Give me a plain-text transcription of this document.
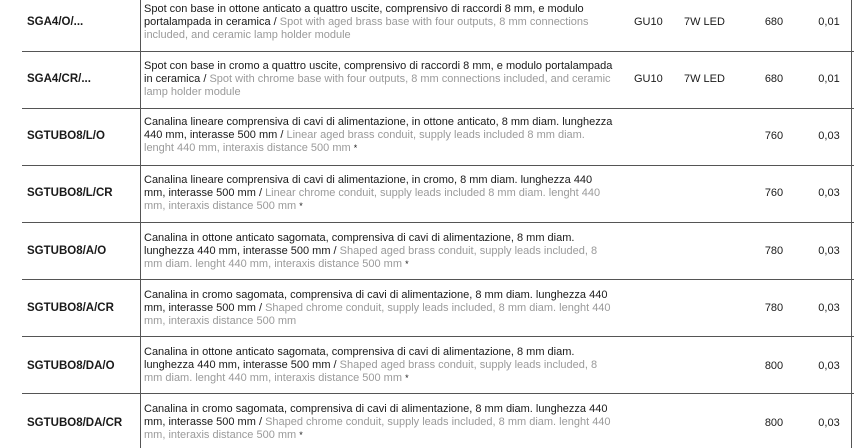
SGA4/O/...
Spot con base in ottone anticato a quattro uscite, comprensivo di raccordi 8 mm, e modulo portalampada in ceramica / Spot with aged brass base with four outputs, 8 mm connections included, and ceramic lamp holder module
GU10 7W LED	680	0,01
SGA4/CR/...
Spot con base in cromo a quattro uscite, comprensivo di raccordi 8 mm, e modulo portalampada in ceramica / Spot with chrome base with four outputs, 8 mm connections included, and ceramic lamp holder module
GU10 7W LED	680	0,01
SGTUBO8/L/O
Canalina lineare comprensiva di cavi di alimentazione, in ottone anticato, 8 mm diam. lunghezza 440 mm, interasse 500 mm / Linear aged brass conduit, supply leads included 8 mm diam. lenght 440 mm, interaxis distance 500 mm *
760	0,03
SGTUBO8/L/CR
Canalina lineare comprensiva di cavi di alimentazione, in cromo, 8 mm diam. lunghezza 440 mm, interasse 500 mm / Linear chrome conduit, supply leads included 8 mm diam. lenght 440 mm, interaxis distance 500 mm *
760	0,03
SGTUBO8/A/O
Canalina in ottone anticato sagomata, comprensiva di cavi di alimentazione, 8 mm diam. lunghezza 440 mm, interasse 500 mm / Shaped aged brass conduit, supply leads included, 8 mm diam. lenght 440 mm, interaxis distance 500 mm *
780	0,03
SGTUBO8/A/CR
Canalina in cromo sagomata, comprensiva di cavi di alimentazione, 8 mm diam. lunghezza 440 mm, interasse 500 mm / Shaped chrome conduit, supply leads included, 8 mm diam. lenght 440 mm, interaxis distance 500 mm
780	0,03
SGTUBO8/DA/O
Canalina in ottone anticato sagomata, comprensiva di cavi di alimentazione, 8 mm diam. lunghezza 440 mm, interasse 500 mm / Shaped aged brass conduit, supply leads included, 8 mm diam. lenght 440 mm, interaxis distance 500 mm *
800	0,03
SGTUBO8/DA/CR
Canalina in cromo sagomata, comprensiva di cavi di alimentazione, 8 mm diam. lunghezza 440 mm, interasse 500 mm / Shaped chrome conduit, supply leads included, 8 mm diam. lenght 440 mm, interaxis distance 500 mm *
800	0,03
